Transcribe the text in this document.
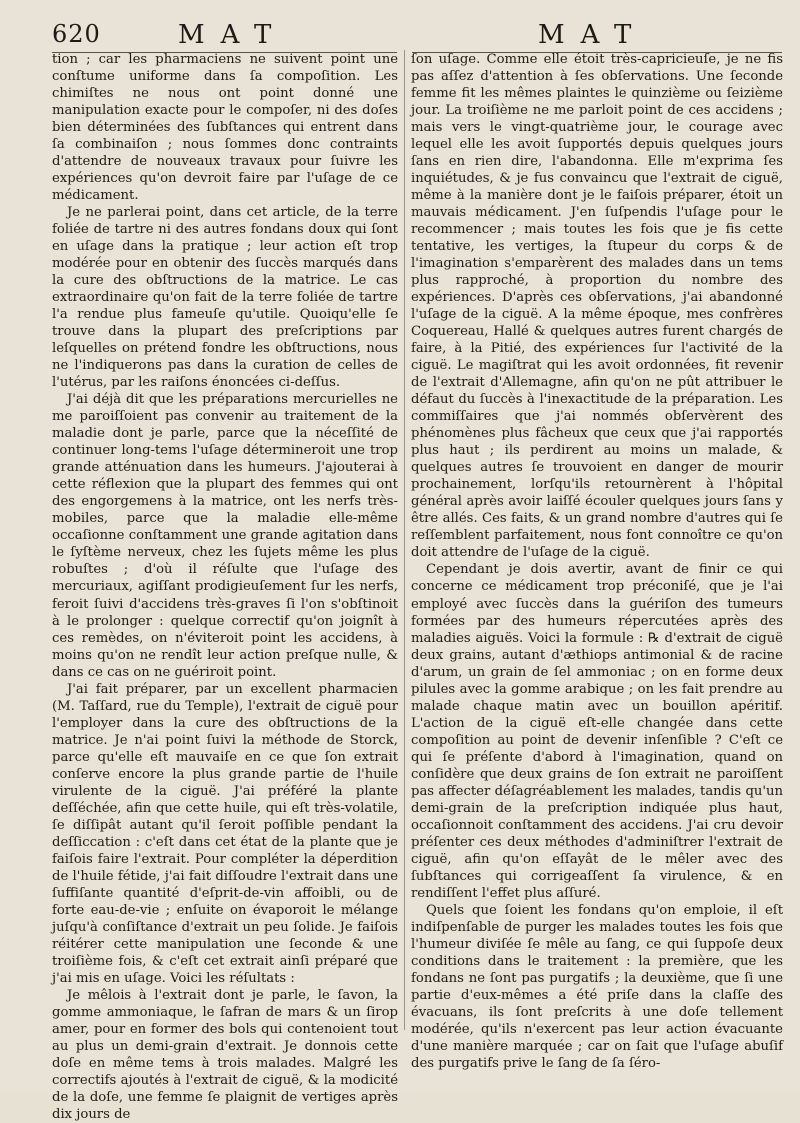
620	MAT	MAT

tion ; car les pharmaciens ne suivent point une conſtume uniforme dans ſa compoſition. Les chimiſtes ne nous ont point donné une manipulation exacte pour le compoſer, ni des doſes bien déterminées des ſubſtances qui entrent dans ſa combinaiſon ; nous ſommes donc contraints d'attendre de nouveaux travaux pour ſuivre les expériences qu'on devroit faire par l'uſage de ce médicament.

Je ne parlerai point, dans cet article, de la terre foliée de tartre ni des autres fondans doux qui ſont en uſage dans la pratique ; leur action eſt trop modérée pour en obtenir des ſuccès marqués dans la cure des obſtructions de la matrice. Le cas extraordinaire qu'on fait de la terre foliée de tartre l'a rendue plus fameuſe qu'utile. Quoiqu'elle ſe trouve dans la plupart des preſcriptions par leſquelles on prétend fondre les obſtructions, nous ne l'indiquerons pas dans la curation de celles de l'utérus, par les raiſons énoncées ci-deſſus.

J'ai déjà dit que les préparations mercurielles ne me paroiſſoient pas convenir au traitement de la maladie dont je parle, parce que la néceſſité de continuer long-tems l'uſage détermineroit une trop grande atténuation dans les humeurs. J'ajouterai à cette réflexion que la plupart des femmes qui ont des engorgemens à la matrice, ont les nerfs très-mobiles, parce que la maladie elle-même occaſionne conſtamment une grande agitation dans le ſyſtème nerveux, chez les ſujets même les plus robuſtes ; d'où il réſulte que l'uſage des mercuriaux, agiſſant prodigieuſement ſur les nerfs, feroit ſuivi d'accidens très-graves ſi l'on s'obſtinoit à le prolonger : quelque correctif qu'on joignît à ces remèdes, on n'éviteroit point les accidens, à moins qu'on ne rendît leur action preſque nulle, & dans ce cas on ne guériroit point.

J'ai fait préparer, par un excellent pharmacien (M. Taſſard, rue du Temple), l'extrait de ciguë pour l'employer dans la cure des obſtructions de la matrice. Je n'ai point ſuivi la méthode de Storck, parce qu'elle eſt mauvaiſe en ce que ſon extrait conſerve encore la plus grande partie de l'huile virulente de la ciguë. J'ai préféré la plante deſſéchée, afin que cette huile, qui eſt très-volatile, ſe diſſipât autant qu'il ſeroit poſſible pendant la deſſiccation : c'eſt dans cet état de la plante que je faiſois faire l'extrait. Pour compléter la déperdition de l'huile fétide, j'ai fait diſſoudre l'extrait dans une ſuffiſante quantité d'eſprit-de-vin affoibli, ou de forte eau-de-vie ; enſuite on évaporoit le mélange juſqu'à conſiſtance d'extrait un peu ſolide. Je faiſois réitérer cette manipulation une ſeconde & une troiſième fois, & c'eſt cet extrait ainſi préparé que j'ai mis en uſage. Voici les réſultats :

Je mêlois à l'extrait dont je parle, le ſavon, la gomme ammoniaque, le ſafran de mars & un ſirop amer, pour en former des bols qui contenoient tout au plus un demi-grain d'extrait. Je donnois cette doſe en même tems à trois malades. Malgré les correctifs ajoutés à l'extrait de ciguë, & la modicité de la doſe, une femme ſe plaignit de vertiges après dix jours de

ſon uſage. Comme elle étoit très-capricieuſe, je ne fis pas aſſez d'attention à ſes obſervations. Une ſeconde femme fit les mêmes plaintes le quinzième ou ſeizième jour. La troiſième ne me parloit point de ces accidens ; mais vers le vingt-quatrième jour, le courage avec lequel elle les avoit ſupportés depuis quelques jours ſans en rien dire, l'abandonna. Elle m'exprima ſes inquiétudes, & je fus convaincu que l'extrait de ciguë, même à la manière dont je le faiſois préparer, étoit un mauvais médicament. J'en ſuſpendis l'uſage pour le recommencer ; mais toutes les fois que je fis cette tentative, les vertiges, la ſtupeur du corps & de l'imagination s'emparèrent des malades dans un tems plus rapproché, à proportion du nombre des expériences. D'après ces obſervations, j'ai abandonné l'uſage de la ciguë. A la même époque, mes confrères Coquereau, Hallé & quelques autres furent chargés de faire, à la Pitié, des expériences ſur l'activité de la ciguë. Le magiſtrat qui les avoit ordonnées, fit revenir de l'extrait d'Allemagne, afin qu'on ne pût attribuer le défaut du ſuccès à l'inexactitude de la préparation. Les commiſſaires que j'ai nommés obſervèrent des phénomènes plus fâcheux que ceux que j'ai rapportés plus haut ; ils perdirent au moins un malade, & quelques autres ſe trouvoient en danger de mourir prochainement, lorſqu'ils retournèrent à l'hôpital général après avoir laiſſé écouler quelques jours ſans y être allés. Ces faits, & un grand nombre d'autres qui ſe reſſemblent parfaitement, nous font connoître ce qu'on doit attendre de l'uſage de la ciguë.

Cependant je dois avertir, avant de finir ce qui concerne ce médicament trop préconiſé, que je l'ai employé avec ſuccès dans la guériſon des tumeurs formées par des humeurs répercutées après des maladies aiguës. Voici la formule : ℞ d'extrait de ciguë deux grains, autant d'æthiops antimonial & de racine d'arum, un grain de ſel ammoniac ; on en forme deux pilules avec la gomme arabique ; on les fait prendre au malade chaque matin avec un bouillon apéritif. L'action de la ciguë eſt-elle changée dans cette compoſition au point de devenir inſenſible ? C'eſt ce qui ſe préſente d'abord à l'imagination, quand on conſidère que deux grains de ſon extrait ne paroiſſent pas affecter déſagréablement les malades, tandis qu'un demi-grain de la preſcription indiquée plus haut, occaſionnoit conſtamment des accidens. J'ai cru devoir préſenter ces deux méthodes d'adminiſtrer l'extrait de ciguë, afin qu'on eſſayât de le mêler avec des ſubſtances qui corrigeaſſent ſa virulence, & en rendiſſent l'effet plus aſſuré.

Quels que ſoient les fondans qu'on emploie, il eſt indiſpenſable de purger les malades toutes les fois que l'humeur diviſée ſe mêle au ſang, ce qui ſuppoſe deux conditions dans le traitement : la première, que les fondans ne ſont pas purgatifs ; la deuxième, que ſi une partie d'eux-mêmes a été priſe dans la claſſe des évacuans, ils ſont preſcrits à une doſe tellement modérée, qu'ils n'exercent pas leur action évacuante d'une manière marquée ; car on ſait que l'uſage abuſif des purgatifs prive le ſang de ſa ſéro-
